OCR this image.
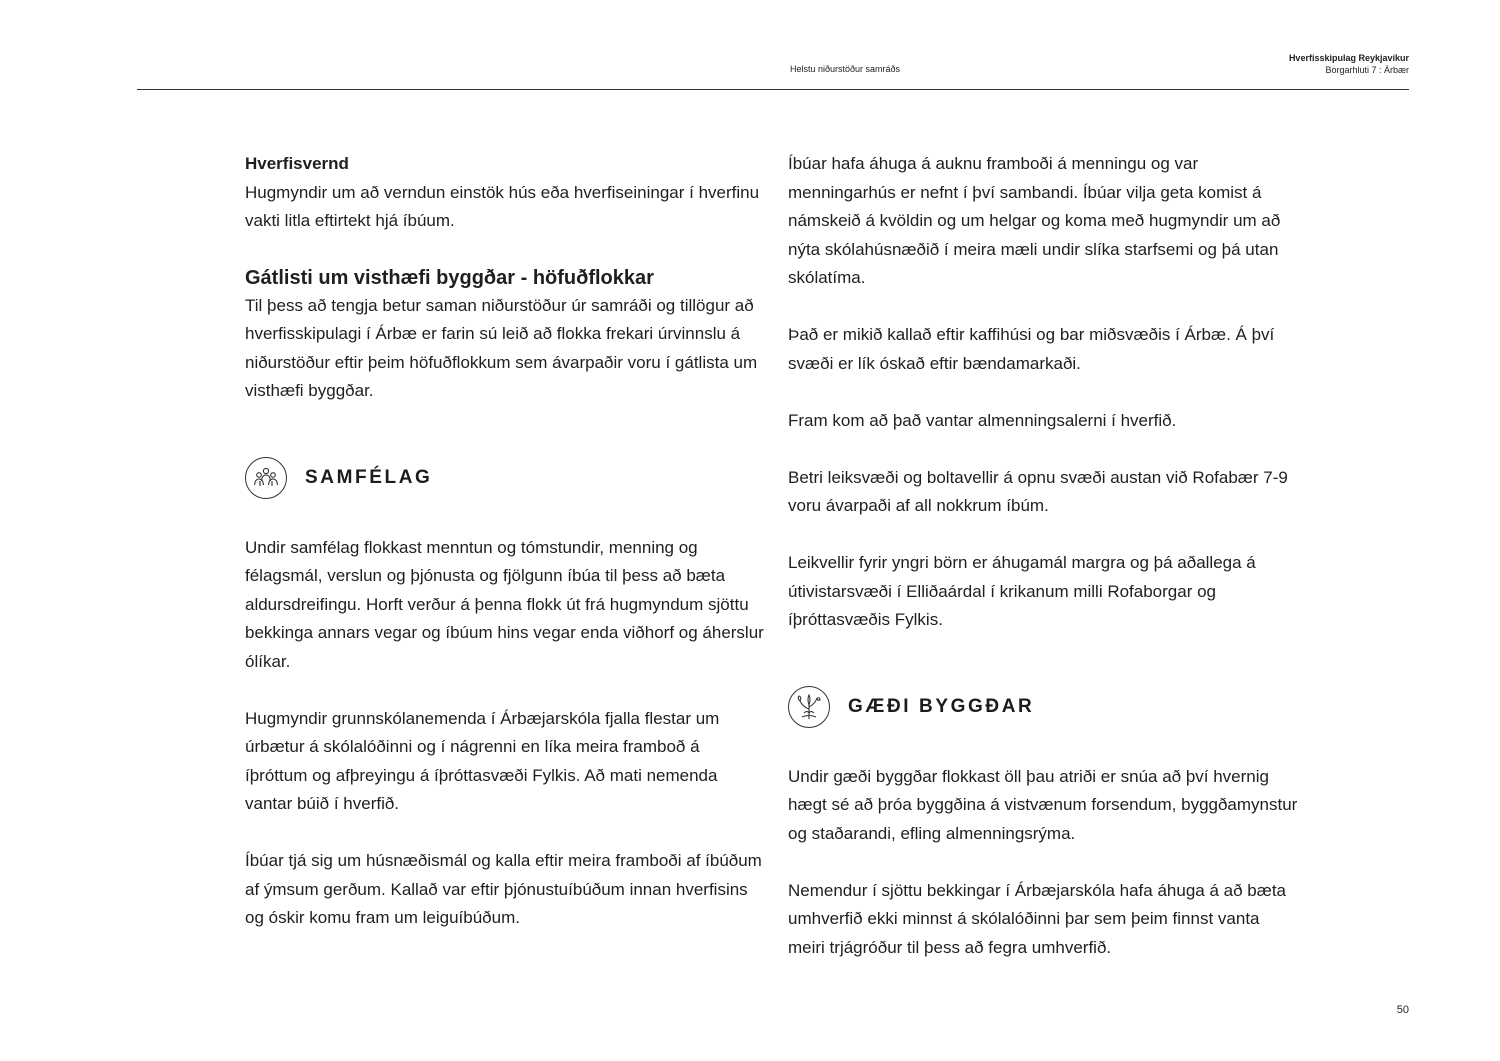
Helstu niðurstöður samráðs
Hverfisskipulag Reykjavíkur
Borgarhluti 7 : Árbær
Hverfisvernd

Hugmyndir um að verndun einstök hús eða hverfiseiningar í hverfinu vakti litla eftirtekt hjá íbúum.

Gátlisti um visthæfi byggðar - höfuðflokkar

Til þess að tengja betur saman niðurstöður úr samráði og tillögur að hverfisskipulagi í Árbæ er farin sú leið að flokka frekari úrvinnslu á niðurstöður eftir þeim höfuðflokkum sem ávarpaðir voru í gátlista um visthæfi byggðar.

SAMFÉLAG

Undir samfélag flokkast menntun og tómstundir, menning og félagsmál, verslun og þjónusta og fjölgunn íbúa til þess að bæta aldursdreifingu. Horft verður á þenna flokk út frá hugmyndum sjöttu bekkinga annars vegar og íbúum hins vegar enda viðhorf og áherslur ólíkar.

Hugmyndir grunnskólanemenda í Árbæjarskóla fjalla flestar um úrbætur á skólalóðinni og í nágrenni en líka meira framboð á íþróttum og afþreyingu á íþróttasvæði Fylkis. Að mati nemenda vantar búið í hverfið.

Íbúar tjá sig um húsnæðismál og kalla eftir meira framboði af íbúðum af ýmsum gerðum. Kallað var eftir þjónustuíbúðum innan hverfisins og óskir komu fram um leiguíbúðum.

Íbúar hafa áhuga á auknu framboði á menningu og var menningarhús er nefnt í því sambandi. Íbúar vilja geta komist á námskeið á kvöldin og um helgar og koma með hugmyndir um að nýta skólahúsnæðið í meira mæli undir slíka starfsemi og þá utan skólatíma.

Það er mikið kallað eftir kaffihúsi og bar miðsvæðis í Árbæ. Á því svæði er lík óskað eftir bændamarkaði.

Fram kom að það vantar almenningsalerni í hverfið.

Betri leiksvæði og boltavellir á opnu svæði austan við Rofabær 7-9 voru ávarpaði af all nokkrum íbúm.

Leikvellir fyrir yngri börn er áhugamál margra og þá aðallega á útivistarsvæði í Elliðaárdal í krikanum milli Rofaborgar og íþróttasvæðis Fylkis.

GÆÐI BYGGÐAR

Undir gæði byggðar flokkast öll þau atriði er snúa að því hvernig hægt sé að þróa byggðina á vistvænum forsendum, byggðamynstur og staðarandi, efling almenningsrýma.

Nemendur í sjöttu bekkingar í Árbæjarskóla hafa áhuga á að bæta umhverfið ekki minnst á skólalóðinni þar sem þeim finnst vanta meiri trjágróður til þess að fegra umhverfið.

50
